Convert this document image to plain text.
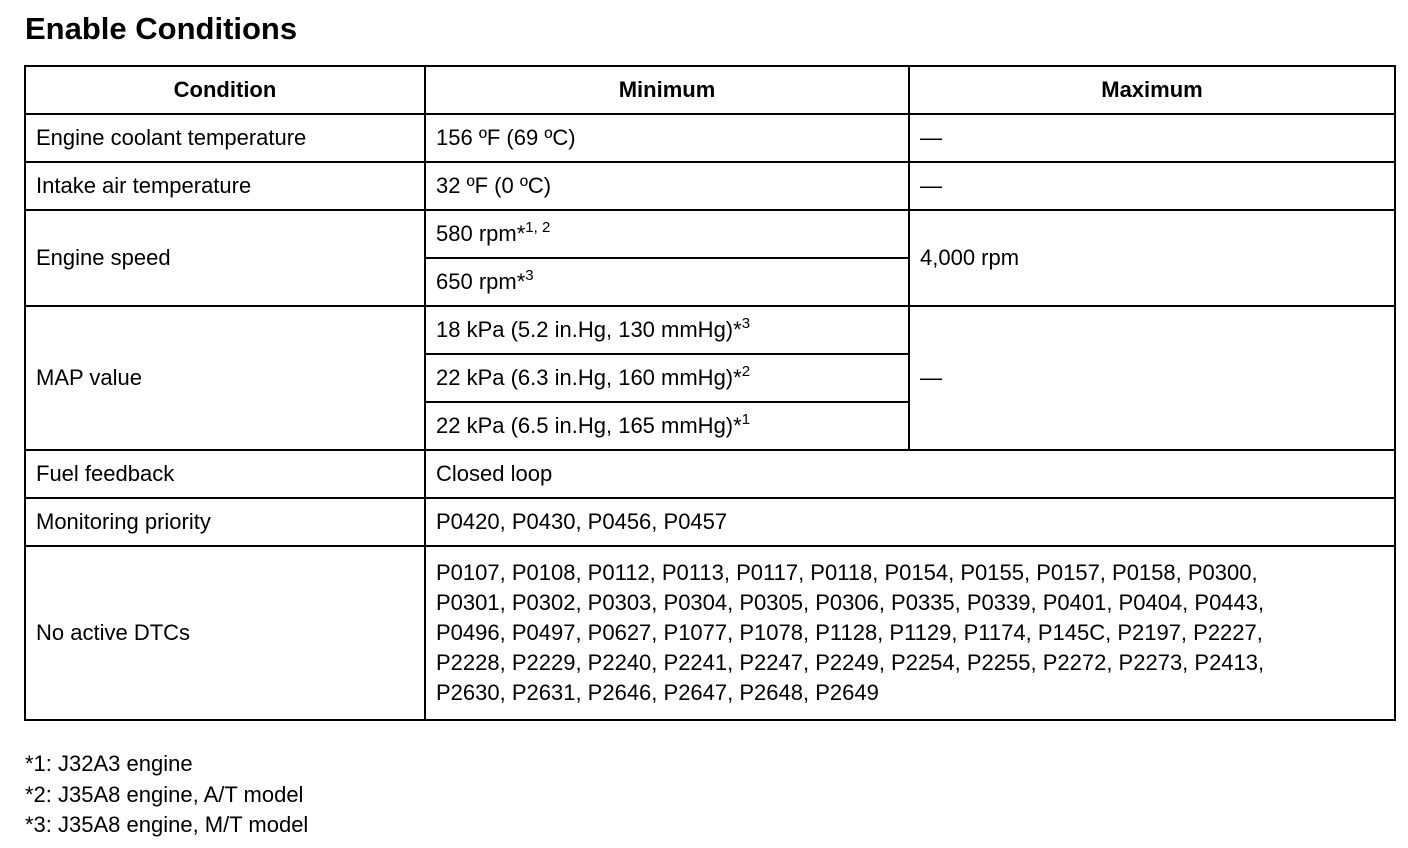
Enable Conditions
Condition	Minimum	Maximum
Engine coolant temperature	156 ºF (69 ºC)	—
Intake air temperature	32 ºF (0 ºC)	—
Engine speed	580 rpm*$^{1, 2}$	4,000 rpm
	650 rpm*$^3$
MAP value	18 kPa (5.2 in.Hg, 130 mmHg)*$^3$	—
	22 kPa (6.3 in.Hg, 160 mmHg)*$^2$
	22 kPa (6.5 in.Hg, 165 mmHg)*$^1$
Fuel feedback	Closed loop	
Monitoring priority	P0420, P0430, P0456, P0457	
No active DTCs	P0107, P0108, P0112, P0113, P0117, P0118, P0154, P0155, P0157, P0158, P0300,
P0301, P0302, P0303, P0304, P0305, P0306, P0335, P0339, P0401, P0404, P0443,
P0496, P0497, P0627, P1077, P1078, P1128, P1129, P1174, P145C, P2197, P2227,
P2228, P2229, P2240, P2241, P2247, P2249, P2254, P2255, P2272, P2273, P2413,
P2630, P2631, P2646, P2647, P2648, P2649	
*1: J32A3 engine
*2: J35A8 engine, A/T model
*3: J35A8 engine, M/T model
